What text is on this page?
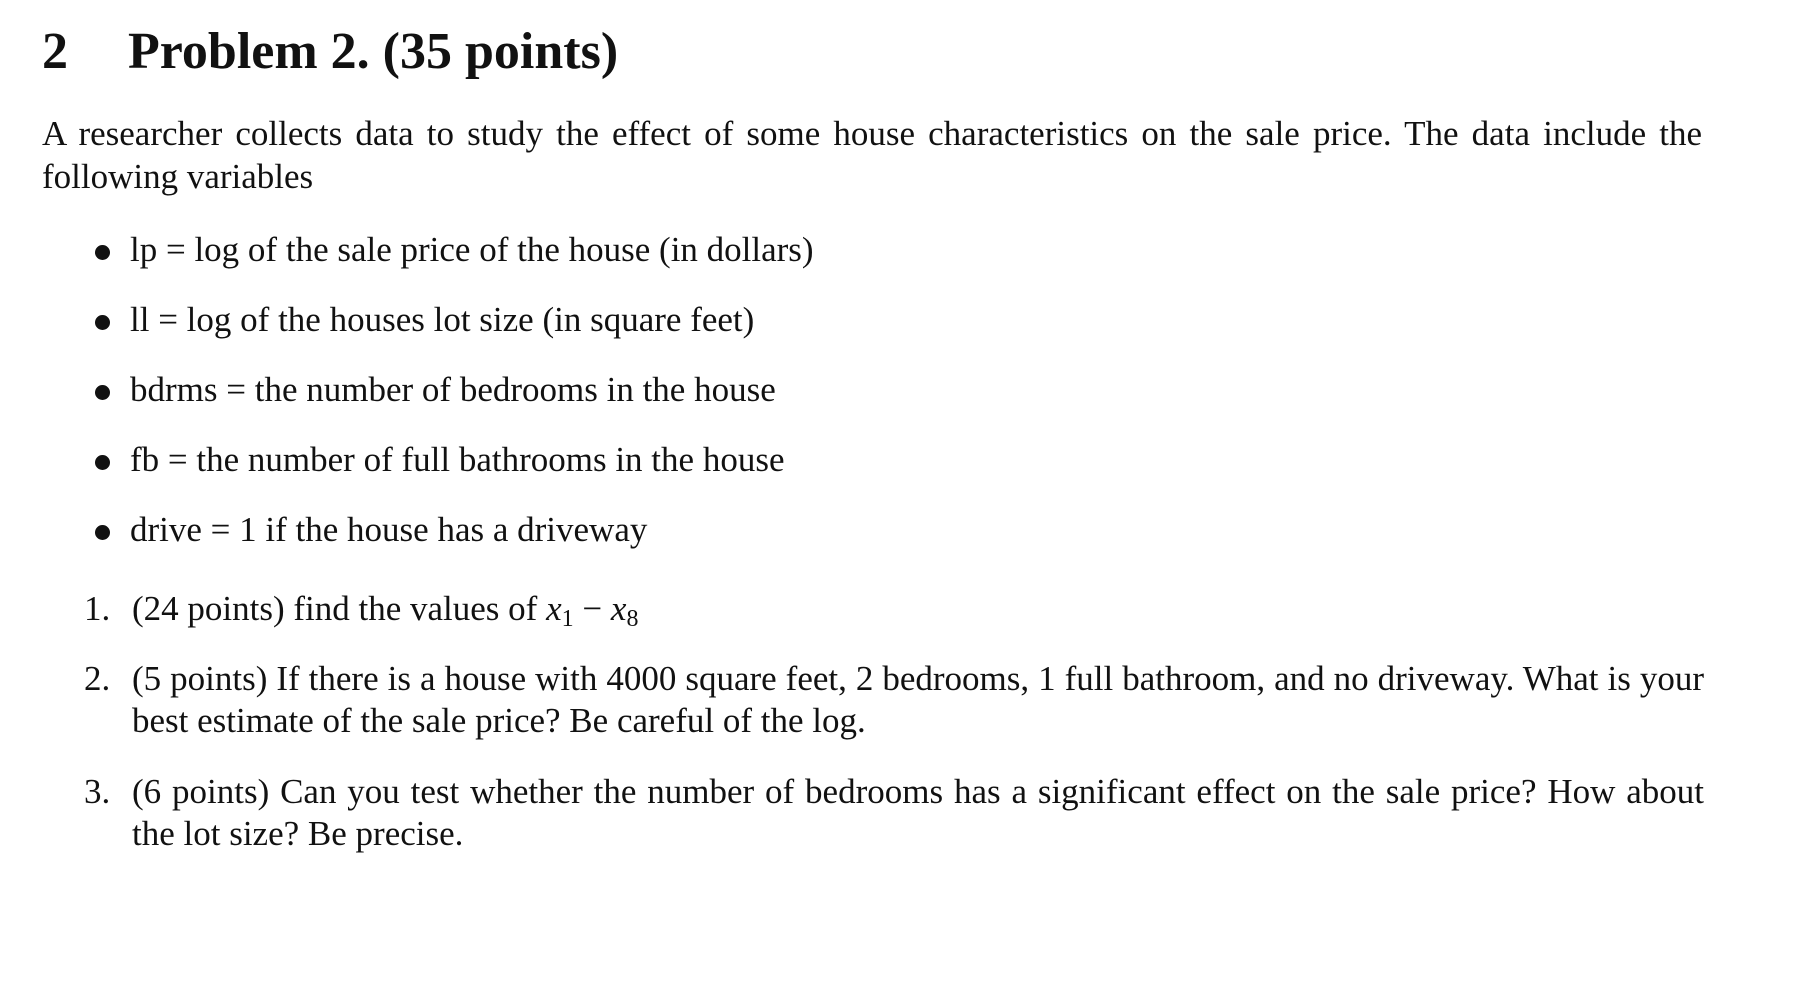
2 Problem 2. (35 points)
A researcher collects data to study the effect of some house characteristics on the sale price. The data include the following variables
lp = log of the sale price of the house (in dollars)
ll = log of the houses lot size (in square feet)
bdrms = the number of bedrooms in the house
fb = the number of full bathrooms in the house
drive = 1 if the house has a driveway
1. (24 points) find the values of $x_1 - x_8$
2. (5 points) If there is a house with 4000 square feet, 2 bedrooms, 1 full bathroom, and no driveway. What is your best estimate of the sale price? Be careful of the log.
3. (6 points) Can you test whether the number of bedrooms has a significant effect on the sale price? How about the lot size? Be precise.
